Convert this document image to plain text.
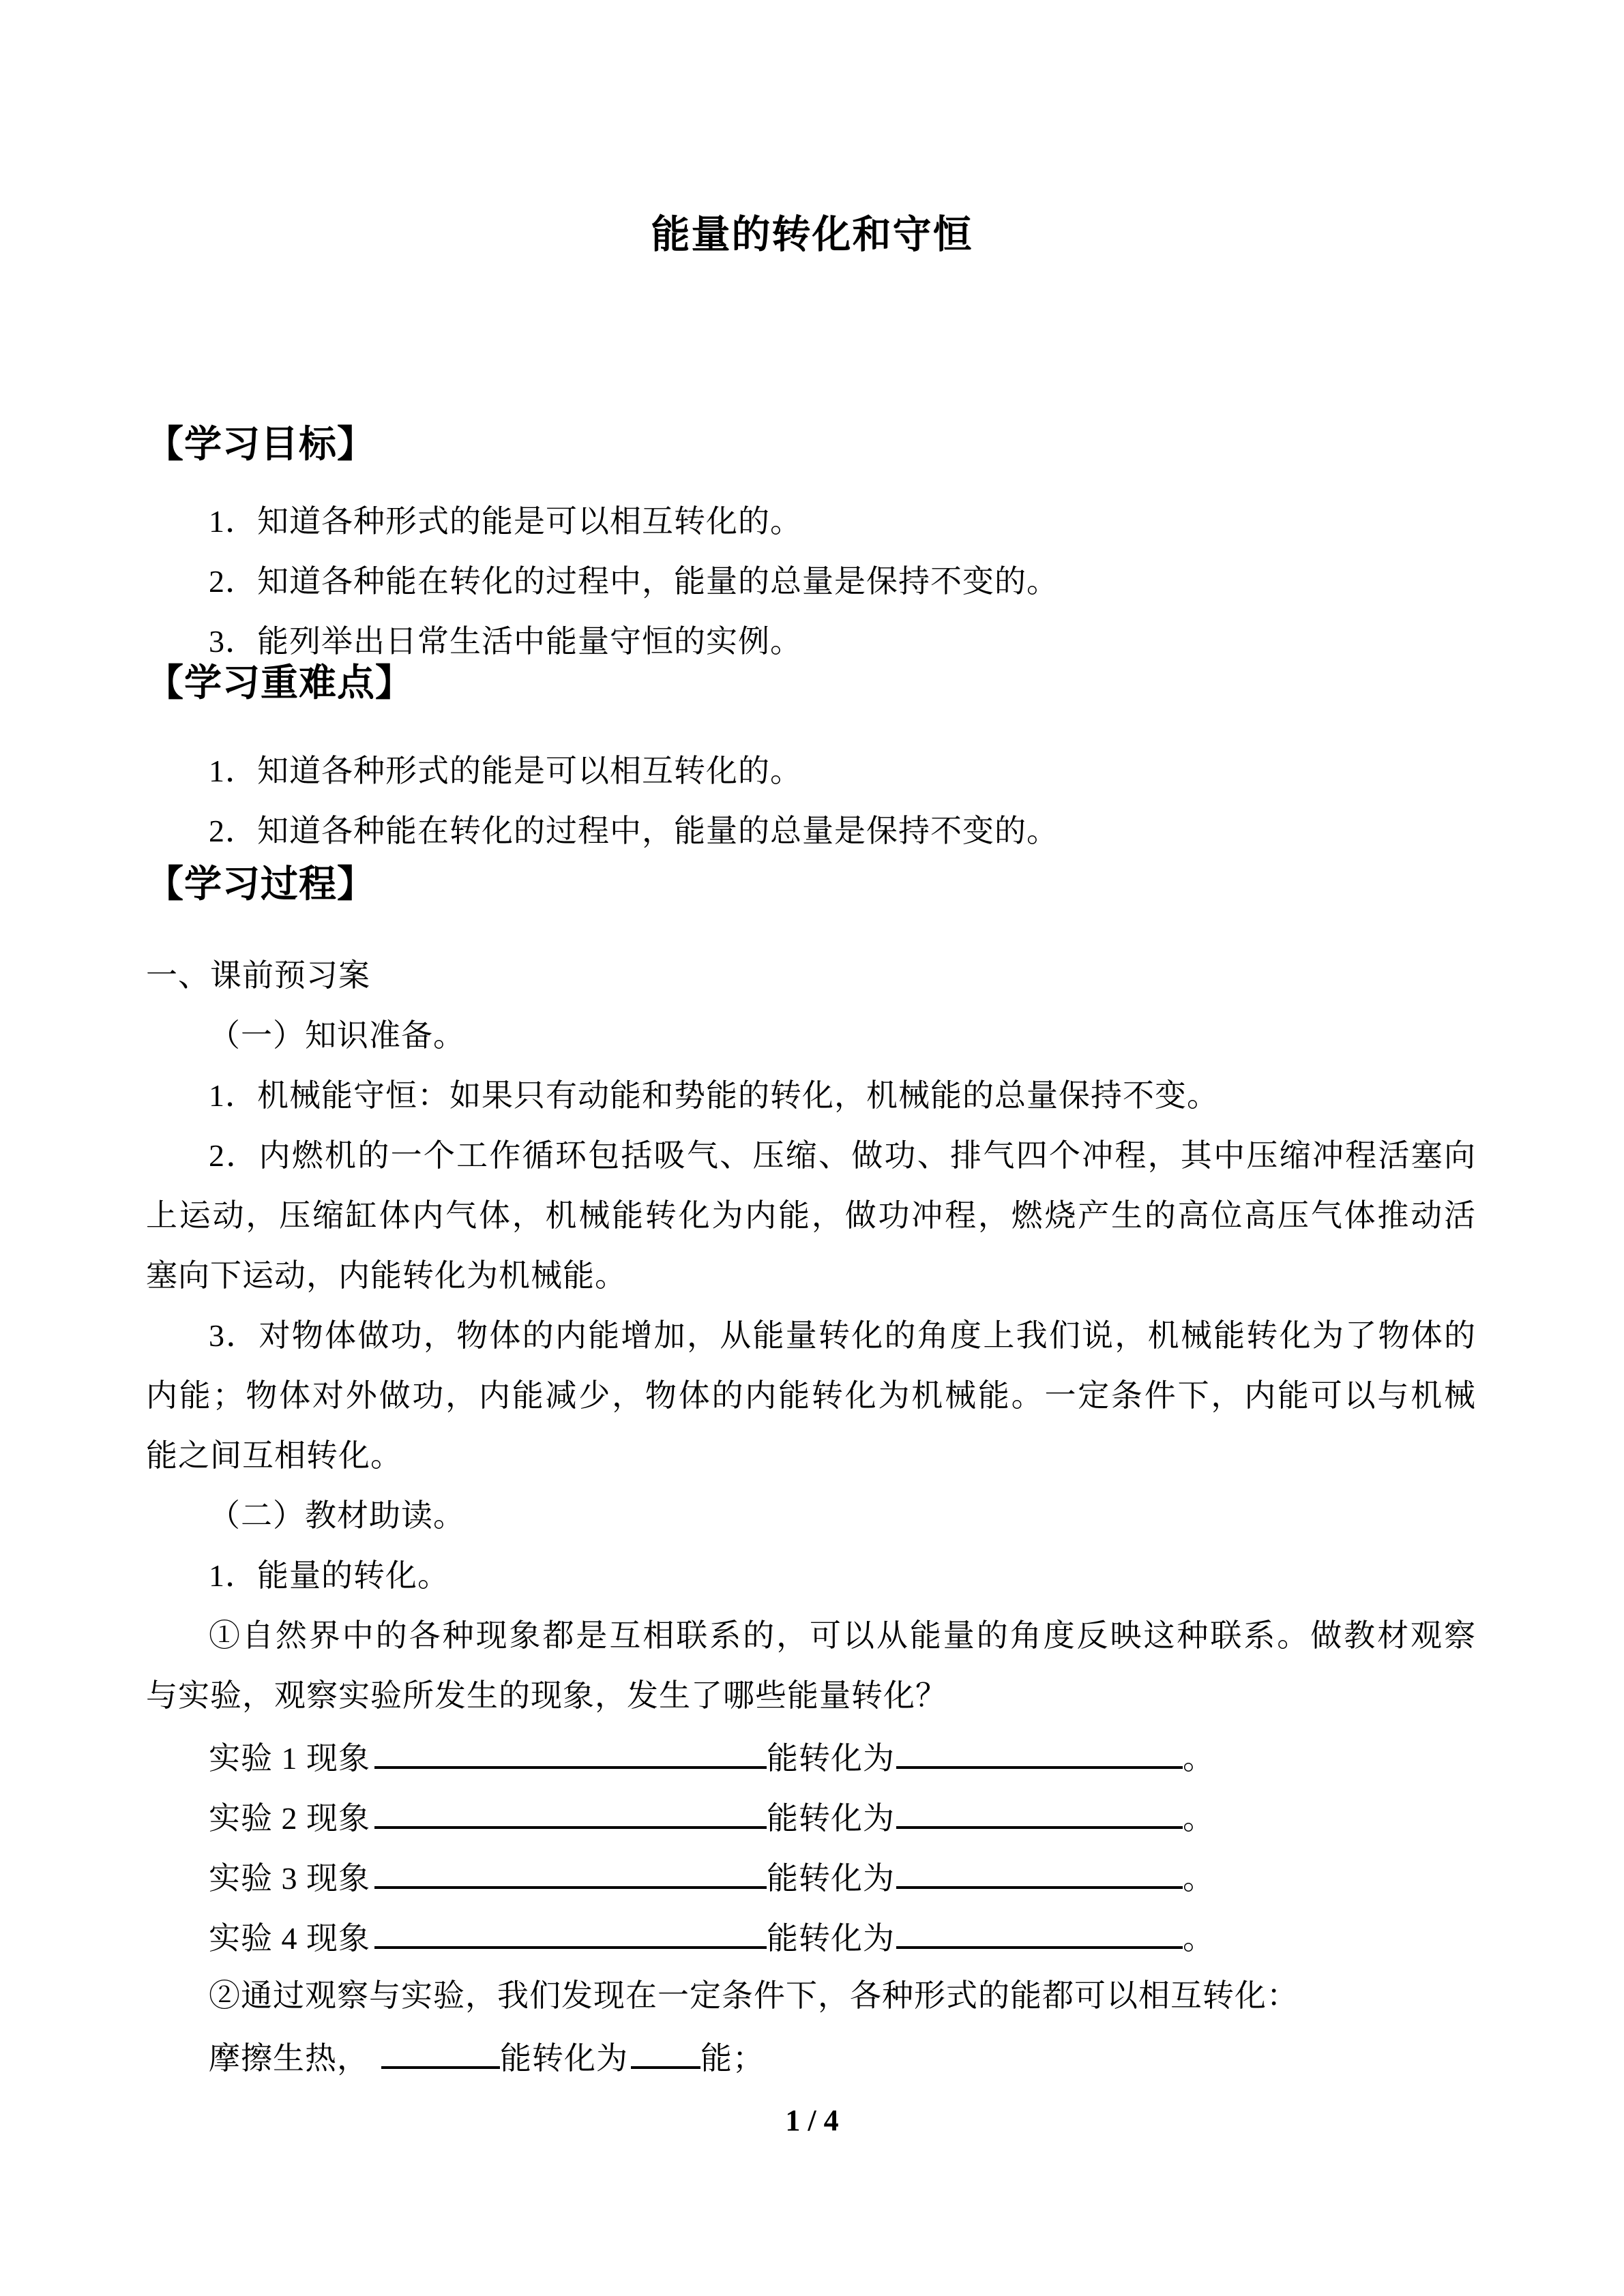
能量的转化和守恒
【学习目标】
1．知道各种形式的能是可以相互转化的。
2．知道各种能在转化的过程中，能量的总量是保持不变的。
3．能列举出日常生活中能量守恒的实例。
【学习重难点】
1．知道各种形式的能是可以相互转化的。
2．知道各种能在转化的过程中，能量的总量是保持不变的。
【学习过程】
一、课前预习案
（一）知识准备。
1．机械能守恒：如果只有动能和势能的转化，机械能的总量保持不变。
2．内燃机的一个工作循环包括吸气、压缩、做功、排气四个冲程，其中压缩冲程活塞向
上运动，压缩缸体内气体，机械能转化为内能，做功冲程，燃烧产生的高位高压气体推动活
塞向下运动，内能转化为机械能。
3．对物体做功，物体的内能增加，从能量转化的角度上我们说，机械能转化为了物体的
内能；物体对外做功，内能减少，物体的内能转化为机械能。一定条件下，内能可以与机械
能之间互相转化。
（二）教材助读。
1．能量的转化。
①自然界中的各种现象都是互相联系的，可以从能量的角度反映这种联系。做教材观察
与实验，观察实验所发生的现象，发生了哪些能量转化？
实验 1 现象	能转化为	。
实验 2 现象	能转化为	。
实验 3 现象	能转化为	。
实验 4 现象	能转化为	。
②通过观察与实验，我们发现在一定条件下，各种形式的能都可以相互转化：
摩擦生热，	能转化为 能；
1 / 4
